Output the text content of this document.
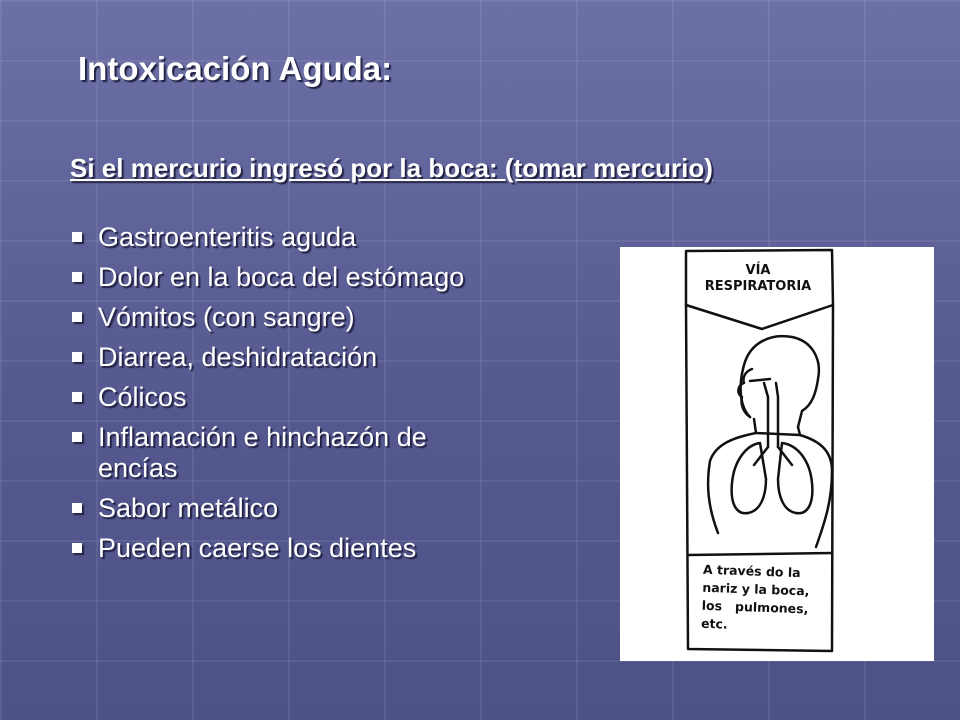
Intoxicación Aguda:
Si el mercurio ingresó por la boca: (tomar mercurio)
Gastroenteritis aguda
Dolor en la boca del estómago
Vómitos (con sangre)
Diarrea, deshidratación
Cólicos
Inflamación e hinchazón de encías
Sabor metálico
Pueden caerse los dientes

VÍA
RESPIRATORIA

A través do la
nariz y la boca,
los   pulmones,
etc.
